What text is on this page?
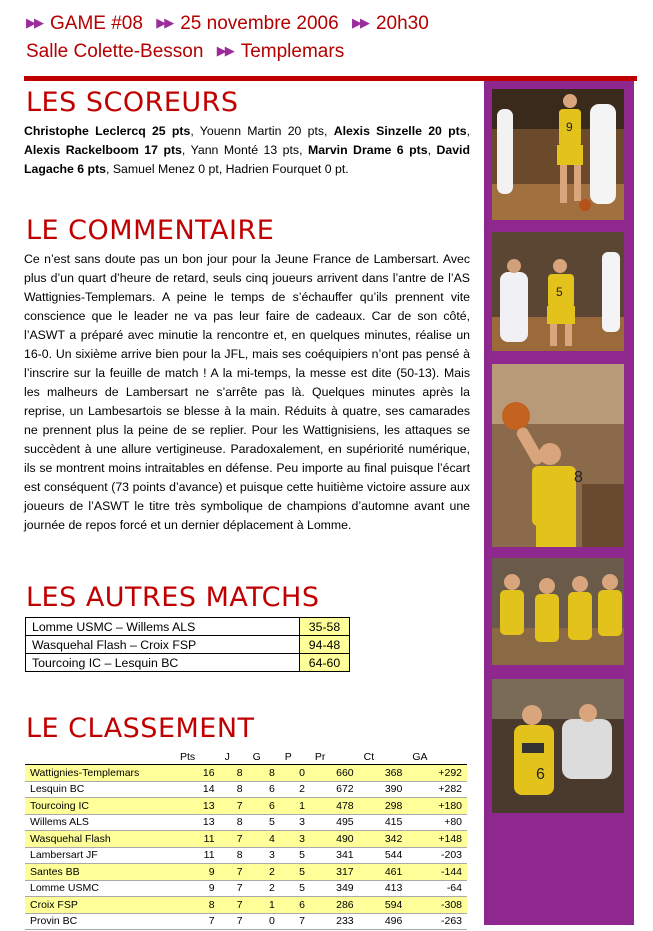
▶▶ GAME #08 ▶▶ 25 novembre 2006 ▶▶ 20h30
Salle Colette-Besson ▶▶ Templemars
9
5
8
6
LES SCOREURS
Christophe Leclercq 25 pts, Youenn Martin 20 pts, Alexis Sinzelle 20 pts, Alexis Rackelboom 17 pts, Yann Monté 13 pts, Marvin Drame 6 pts, David Lagache 6 pts, Samuel Menez 0 pt, Hadrien Fourquet 0 pt.
LE COMMENTAIRE
Ce n’est sans doute pas un bon jour pour la Jeune France de Lambersart. Avec plus d’un quart d’heure de retard, seuls cinq joueurs arrivent dans l’antre de l’AS Wattignies-Templemars. A peine le temps de s’échauffer qu’ils prennent vite conscience que le leader ne va pas leur faire de cadeaux. Car de son côté, l’ASWT a préparé avec minutie la rencontre et, en quelques minutes, réalise un 16-0. Un sixième arrive bien pour la JFL, mais ses coéquipiers n’ont pas pensé à l’inscrire sur la feuille de match ! A la mi-temps, la messe est dite (50-13). Mais les malheurs de Lambersart ne s’arrête pas là. Quelques minutes après la reprise, un Lambesartois se blesse à la main. Réduits à quatre, ses camarades ne prennent plus la peine de se replier. Pour les Wattignisiens, les attaques se succèdent à une allure vertigineuse. Paradoxalement, en supériorité numérique, ils se montrent moins intraitables en défense. Peu importe au final puisque l’écart est conséquent (73 points d’avance) et puisque cette huitième victoire assure aux joueurs de l’ASWT le titre très symbolique de champions d’automne avant une journée de repos forcé et un dernier déplacement à Lomme.
LES AUTRES MATCHS
Lomme USMC – Willems ALS	35-58
Wasquehal Flash – Croix FSP	94-48
Tourcoing IC – Lesquin BC	64-60
LE CLASSEMENT
	Pts	J	G	P	Pr	Ct	GA
Wattignies-Templemars	16	8	8	0	660	368	+292
Lesquin BC	14	8	6	2	672	390	+282
Tourcoing IC	13	7	6	1	478	298	+180
Willems ALS	13	8	5	3	495	415	+80
Wasquehal Flash	11	7	4	3	490	342	+148
Lambersart JF	11	8	3	5	341	544	-203
Santes BB	9	7	2	5	317	461	-144
Lomme USMC	9	7	2	5	349	413	-64
Croix FSP	8	7	1	6	286	594	-308
Provin BC	7	7	0	7	233	496	-263
